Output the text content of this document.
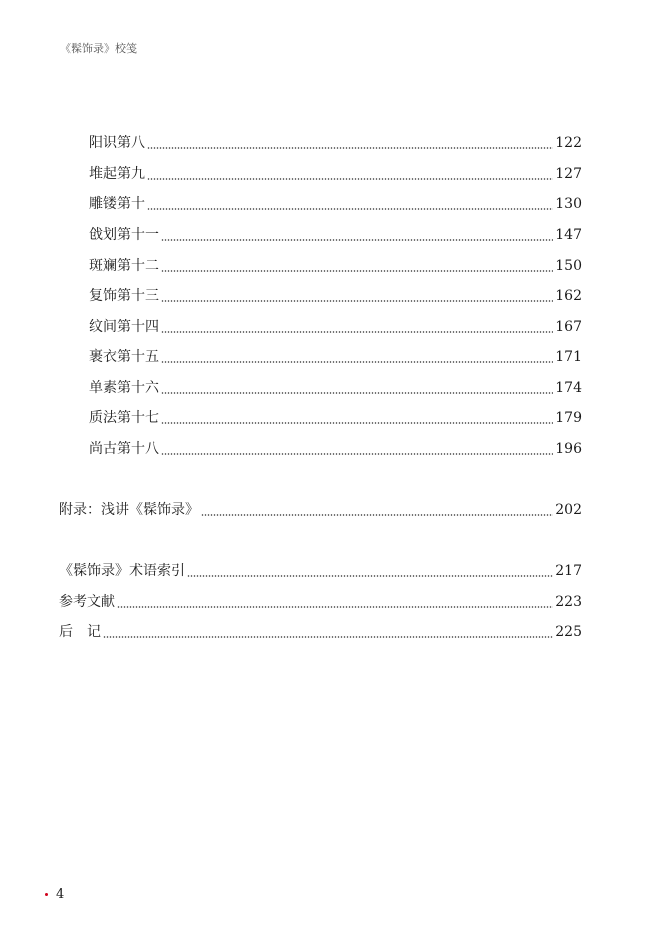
《髹饰录》校笺
阳识第八	122
堆起第九	127
雕镂第十	130
戗划第十一	147
斑斓第十二	150
复饰第十三	162
纹间第十四	167
裹衣第十五	171
单素第十六	174
质法第十七	179
尚古第十八	196
附录：浅讲《髹饰录》	202
《髹饰录》术语索引	217
参考文献	223
后　记	225
4
